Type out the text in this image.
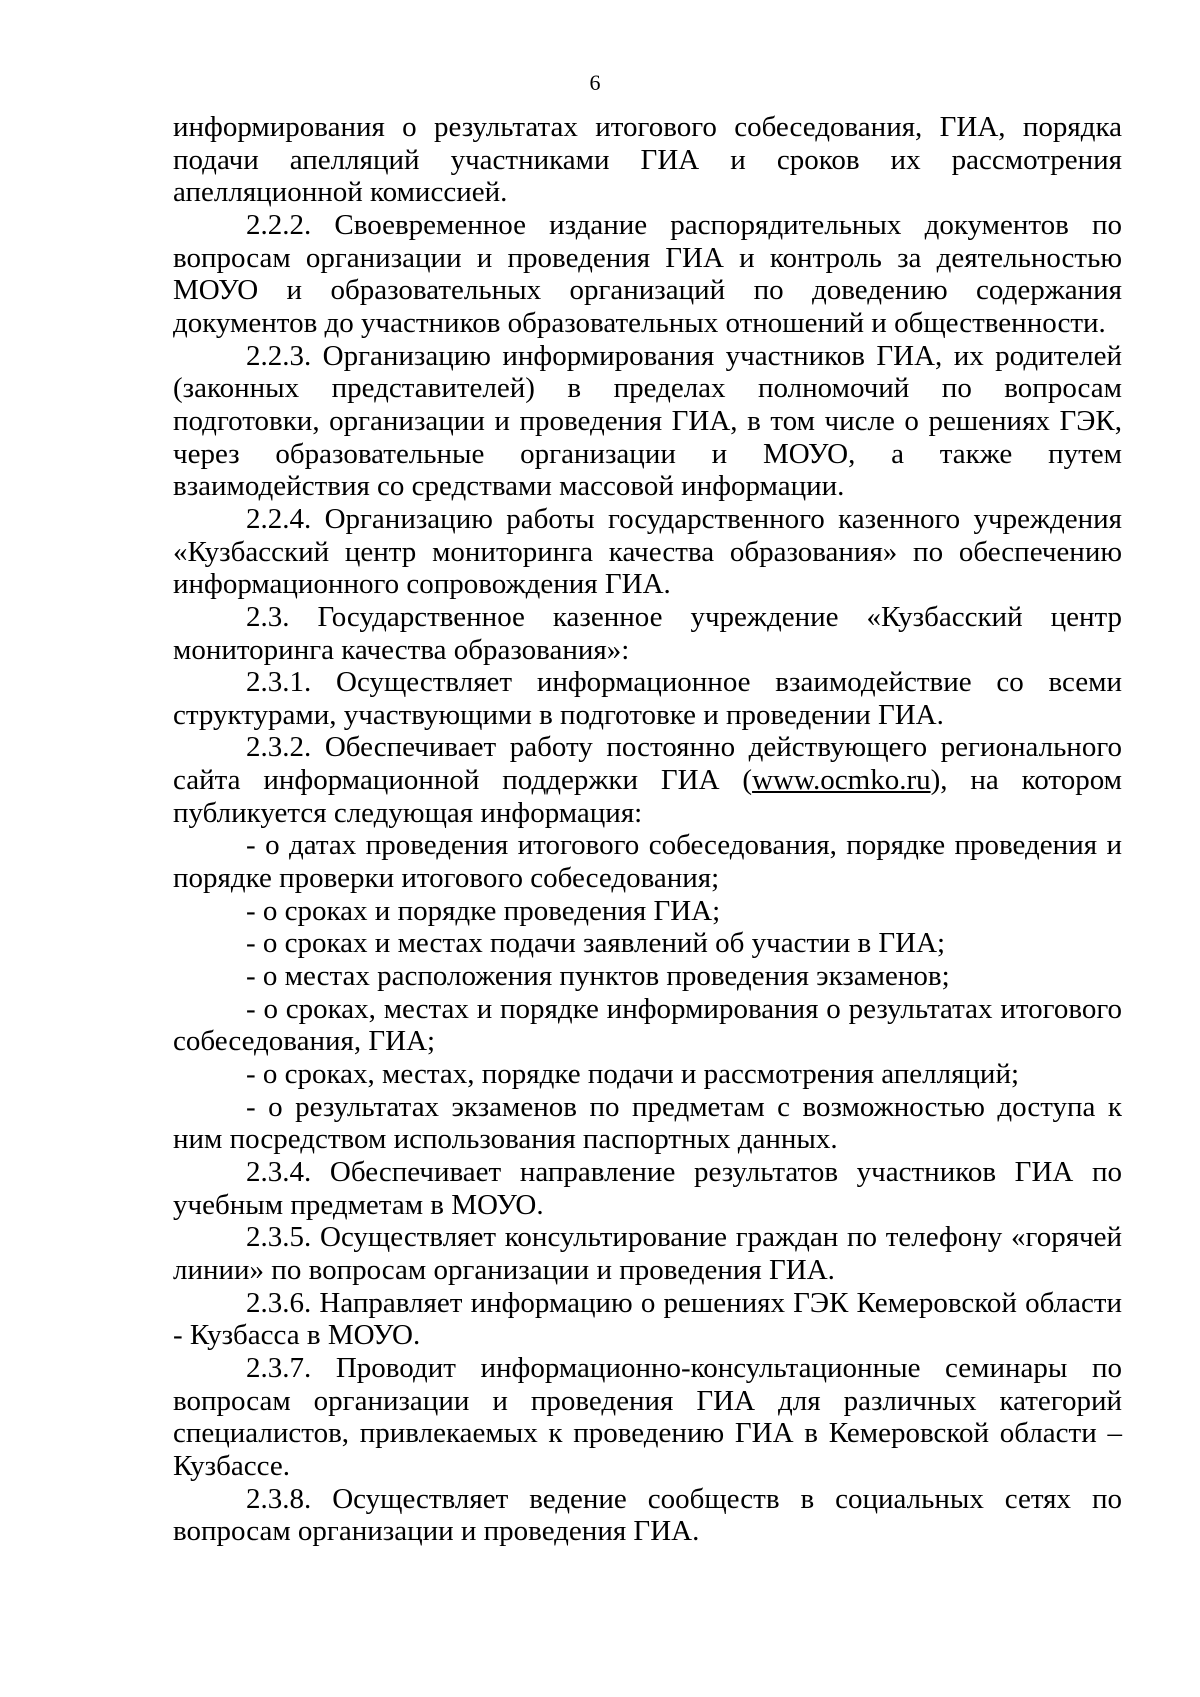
6

информирования о результатах итогового собеседования, ГИА, порядка подачи апелляций участниками ГИА и сроков их рассмотрения апелляционной комиссией.

2.2.2. Своевременное издание распорядительных документов по вопросам организации и проведения ГИА и контроль за деятельностью МОУО и образовательных организаций по доведению содержания документов до участников образовательных отношений и общественности.

2.2.3. Организацию информирования участников ГИА, их родителей (законных представителей) в пределах полномочий по вопросам подготовки, организации и проведения ГИА, в том числе о решениях ГЭК, через образовательные организации и МОУО, а также путем взаимодействия со средствами массовой информации.

2.2.4. Организацию работы государственного казенного учреждения «Кузбасский центр мониторинга качества образования» по обеспечению информационного сопровождения ГИА.

2.3. Государственное казенное учреждение «Кузбасский центр мониторинга качества образования»:

2.3.1. Осуществляет информационное взаимодействие со всеми структурами, участвующими в подготовке и проведении ГИА.

2.3.2. Обеспечивает работу постоянно действующего регионального сайта информационной поддержки ГИА (www.ocmko.ru), на котором публикуется следующая информация:

- о датах проведения итогового собеседования, порядке проведения и порядке проверки итогового собеседования;

- о сроках и порядке проведения ГИА;

- о сроках и местах подачи заявлений об участии в ГИА;

- о местах расположения пунктов проведения экзаменов;

- о сроках, местах и порядке информирования о результатах итогового собеседования, ГИА;

- о сроках, местах, порядке подачи и рассмотрения апелляций;

- о результатах экзаменов по предметам с возможностью доступа к ним посредством использования паспортных данных.

2.3.4. Обеспечивает направление результатов участников ГИА по учебным предметам в МОУО.

2.3.5. Осуществляет консультирование граждан по телефону «горячей линии» по вопросам организации и проведения ГИА.

2.3.6. Направляет информацию о решениях ГЭК Кемеровской области - Кузбасса в МОУО.

2.3.7. Проводит информационно-консультационные семинары по вопросам организации и проведения ГИА для различных категорий специалистов, привлекаемых к проведению ГИА в Кемеровской области – Кузбассе.

2.3.8. Осуществляет ведение сообществ в социальных сетях по вопросам организации и проведения ГИА.
